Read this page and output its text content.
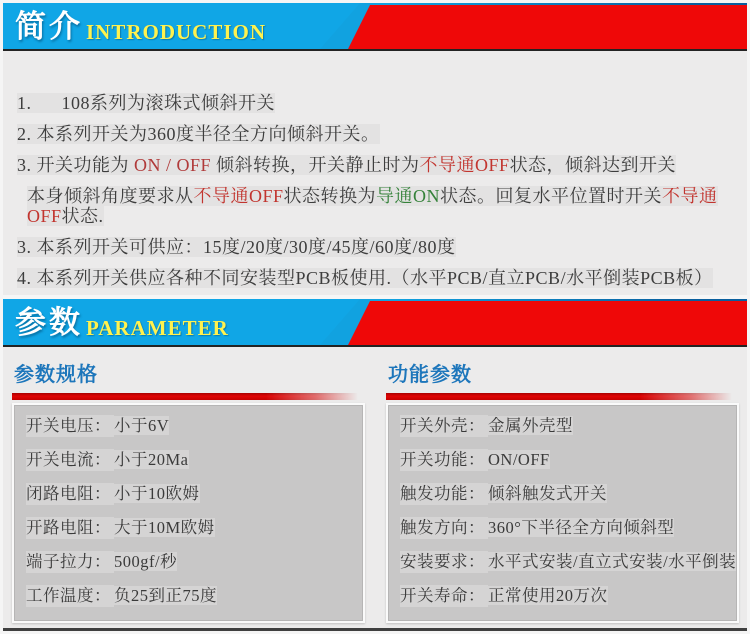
简介 INTRODUCTION

1.      108系列为滚珠式倾斜开关

2. 本系列开关为360度半径全方向倾斜开关。

3. 开关功能为 ON / OFF 倾斜转换，开关静止时为不导通OFF状态，倾斜达到开关

本身倾斜角度要求从不导通OFF状态转换为导通ON状态。回复水平位置时开关不导通OFF状态.

3. 本系列开关可供应：15度/20度/30度/45度/60度/80度

4. 本系列开关供应各种不同安装型PCB板使用.（水平PCB/直立PCB/水平倒装PCB板）

参数 PARAMETER
参数规格
开关电压： 小于6V
开关电流： 小于20Ma
闭路电阻： 小于10欧姆
开路电阻： 大于10M欧姆
端子拉力： 500gf/秒
工作温度： 负25到正75度
功能参数
开关外壳： 金属外壳型
开关功能： ON/OFF
触发功能： 倾斜触发式开关
触发方向： 360°下半径全方向倾斜型
安装要求： 水平式安装/直立式安装/水平倒装
开关寿命： 正常使用20万次
